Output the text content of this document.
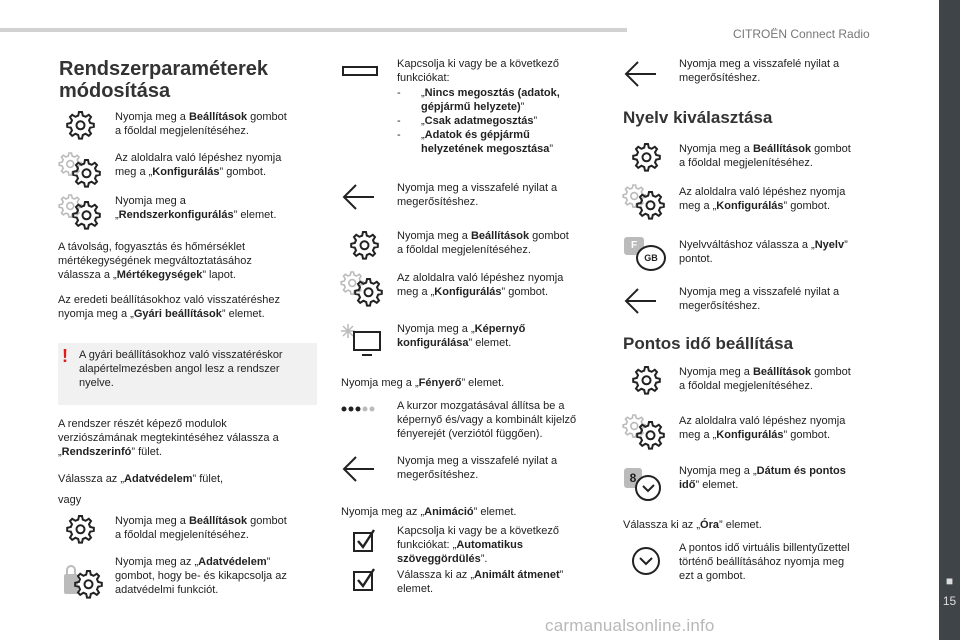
CITROËN Connect Radio
■
15
carmanualsonline.info
Rendszerparaméterek
módosítása
Nyomja meg a Beállítások gombot
a főoldal megjelenítéséhez.
Az aloldalra való lépéshez nyomja
meg a „Konfigurálás” gombot.
Nyomja meg a
„Rendszerkonfigurálás” elemet.
A távolság, fogyasztás és hőmérséklet
mértékegységének megváltoztatásához
válassza a „Mértékegységek” lapot.
Az eredeti beállításokhoz való visszatéréshez
nyomja meg a „Gyári beállítások” elemet.
! A gyári beállításokhoz való visszatéréskor
alapértelmezésben angol lesz a rendszer
nyelve.
A rendszer részét képező modulok
verziószámának megtekintéséhez válassza a
„Rendszerinfó” fület.
Válassza az „Adatvédelem” fület,
vagy
Nyomja meg a Beállítások gombot
a főoldal megjelenítéséhez.
Nyomja meg az „Adatvédelem”
gombot, hogy be- és kikapcsolja az
adatvédelmi funkciót.
Kapcsolja ki vagy be a következő
funkciókat:
- „Nincs megosztás (adatok,
gépjármű helyzete)”
- „Csak adatmegosztás”
- „Adatok és gépjármű
helyzetének megosztása”
Nyomja meg a visszafelé nyilat a
megerősítéshez.
Nyomja meg a Beállítások gombot
a főoldal megjelenítéséhez.
Az aloldalra való lépéshez nyomja
meg a „Konfigurálás” gombot.
Nyomja meg a „Képernyő
konfigurálása” elemet.
Nyomja meg a „Fényerő” elemet.
A kurzor mozgatásával állítsa be a
képernyő és/vagy a kombinált kijelző
fényerejét (verziótól függően).
Nyomja meg a visszafelé nyilat a
megerősítéshez.
Nyomja meg az „Animáció” elemet.
Kapcsolja ki vagy be a következő
funkciókat: „Automatikus
szöveggördülés”.
Válassza ki az „Animált átmenet”
elemet.
Nyomja meg a visszafelé nyilat a
megerősítéshez.
Nyelv kiválasztása
Nyomja meg a Beállítások gombot
a főoldal megjelenítéséhez.
Az aloldalra való lépéshez nyomja
meg a „Konfigurálás” gombot.
F
GB
Nyelvváltáshoz válassza a „Nyelv”
pontot.
Nyomja meg a visszafelé nyilat a
megerősítéshez.
Pontos idő beállítása
Nyomja meg a Beállítások gombot
a főoldal megjelenítéséhez.
Az aloldalra való lépéshez nyomja
meg a „Konfigurálás” gombot.
8	Nyomja meg a „Dátum és pontos
idő” elemet.
Válassza ki az „Óra” elemet.
A pontos idő virtuális billentyűzettel
történő beállításához nyomja meg
ezt a gombot.
